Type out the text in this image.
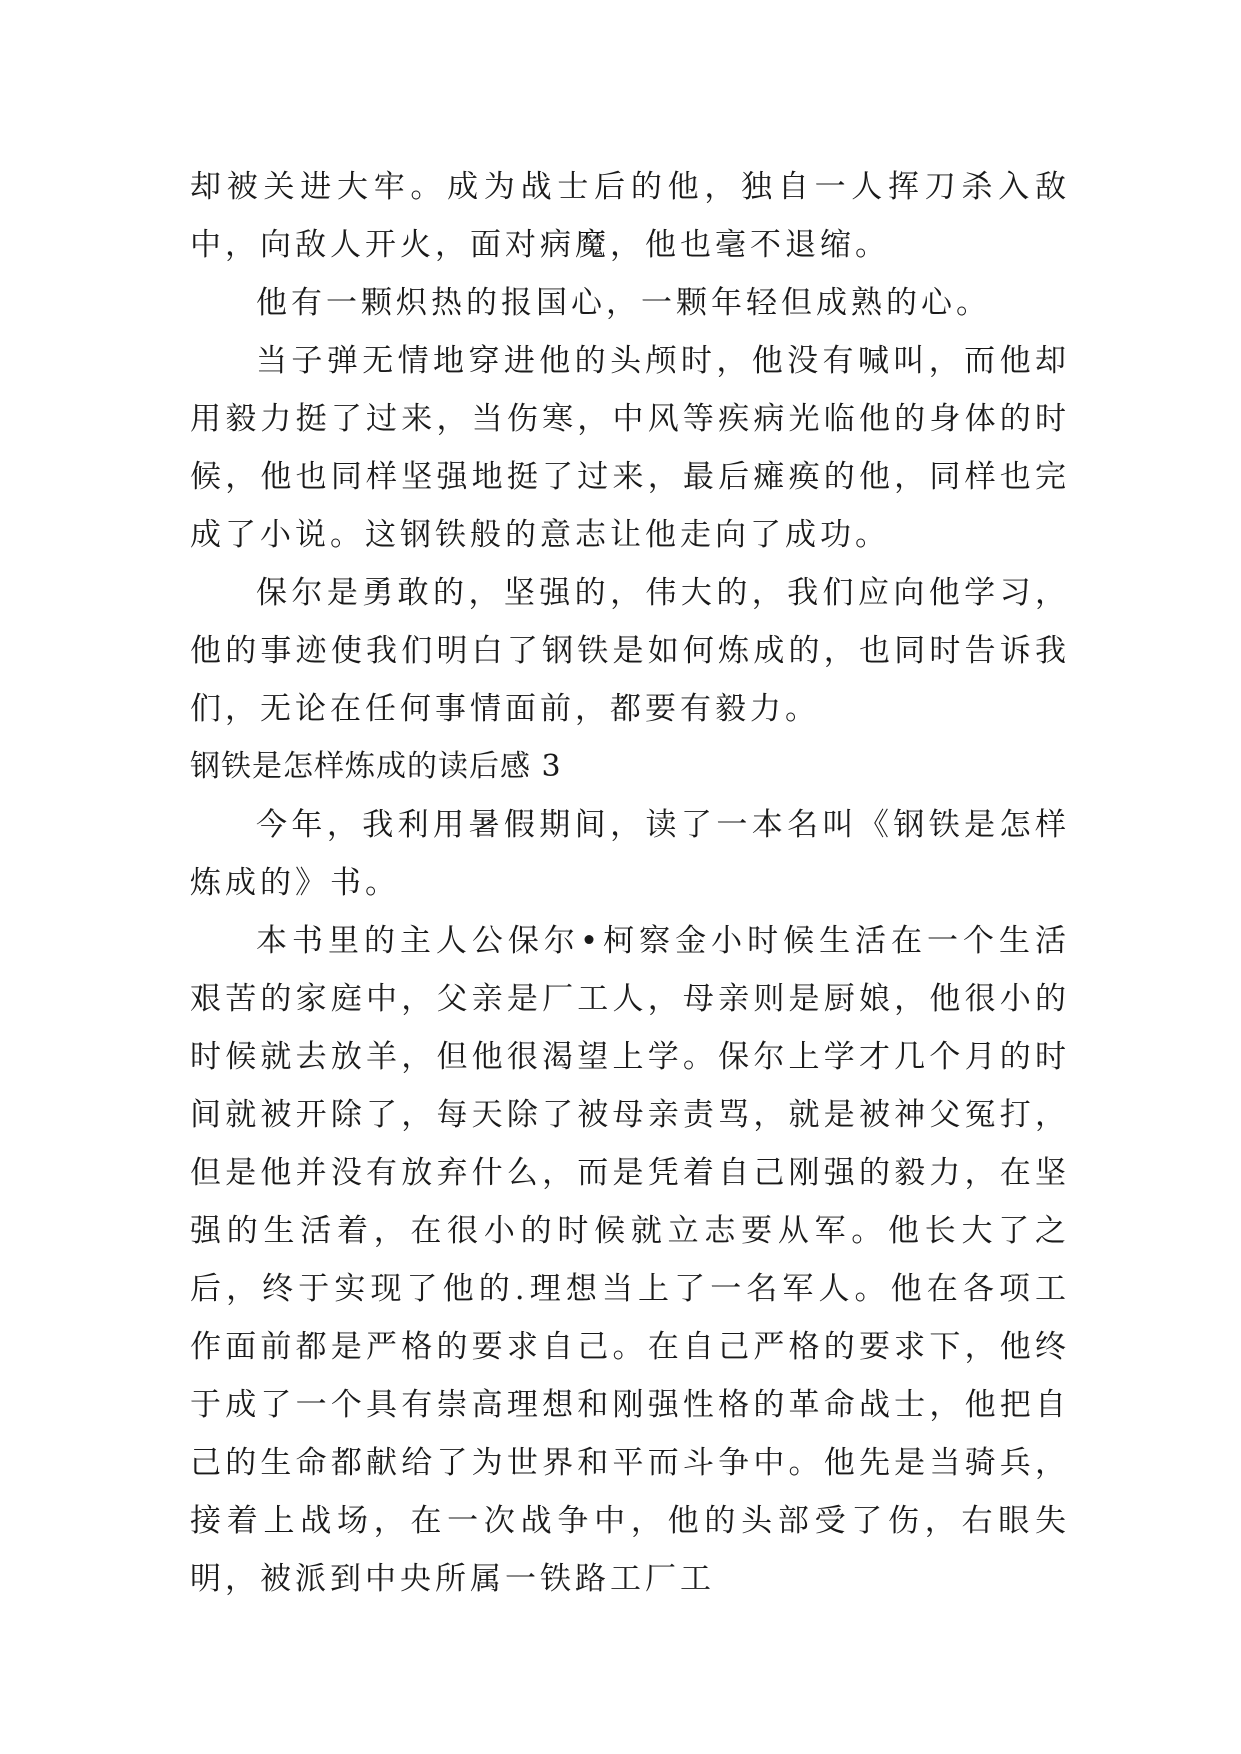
却被关进大牢。成为战士后的他，独自一人挥刀杀入敌中，向敌人开火，面对病魔，他也毫不退缩。

他有一颗炽热的报国心，一颗年轻但成熟的心。

当子弹无情地穿进他的头颅时，他没有喊叫，而他却用毅力挺了过来，当伤寒，中风等疾病光临他的身体的时候，他也同样坚强地挺了过来，最后瘫痪的他，同样也完成了小说。这钢铁般的意志让他走向了成功。

保尔是勇敢的，坚强的，伟大的，我们应向他学习，他的事迹使我们明白了钢铁是如何炼成的，也同时告诉我们，无论在任何事情面前，都要有毅力。

钢铁是怎样炼成的读后感 3

今年，我利用暑假期间，读了一本名叫《钢铁是怎样炼成的》书。

本书里的主人公保尔•柯察金小时候生活在一个生活艰苦的家庭中，父亲是厂工人，母亲则是厨娘，他很小的时候就去放羊，但他很渴望上学。保尔上学才几个月的时间就被开除了，每天除了被母亲责骂，就是被神父冤打，但是他并没有放弃什么，而是凭着自己刚强的毅力，在坚强的生活着，在很小的时候就立志要从军。他长大了之后，终于实现了他的.理想当上了一名军人。他在各项工作面前都是严格的要求自己。在自己严格的要求下，他终于成了一个具有崇高理想和刚强性格的革命战士，他把自己的生命都献给了为世界和平而斗争中。他先是当骑兵，接着上战场，在一次战争中，他的头部受了伤，右眼失明，被派到中央所属一铁路工厂工
